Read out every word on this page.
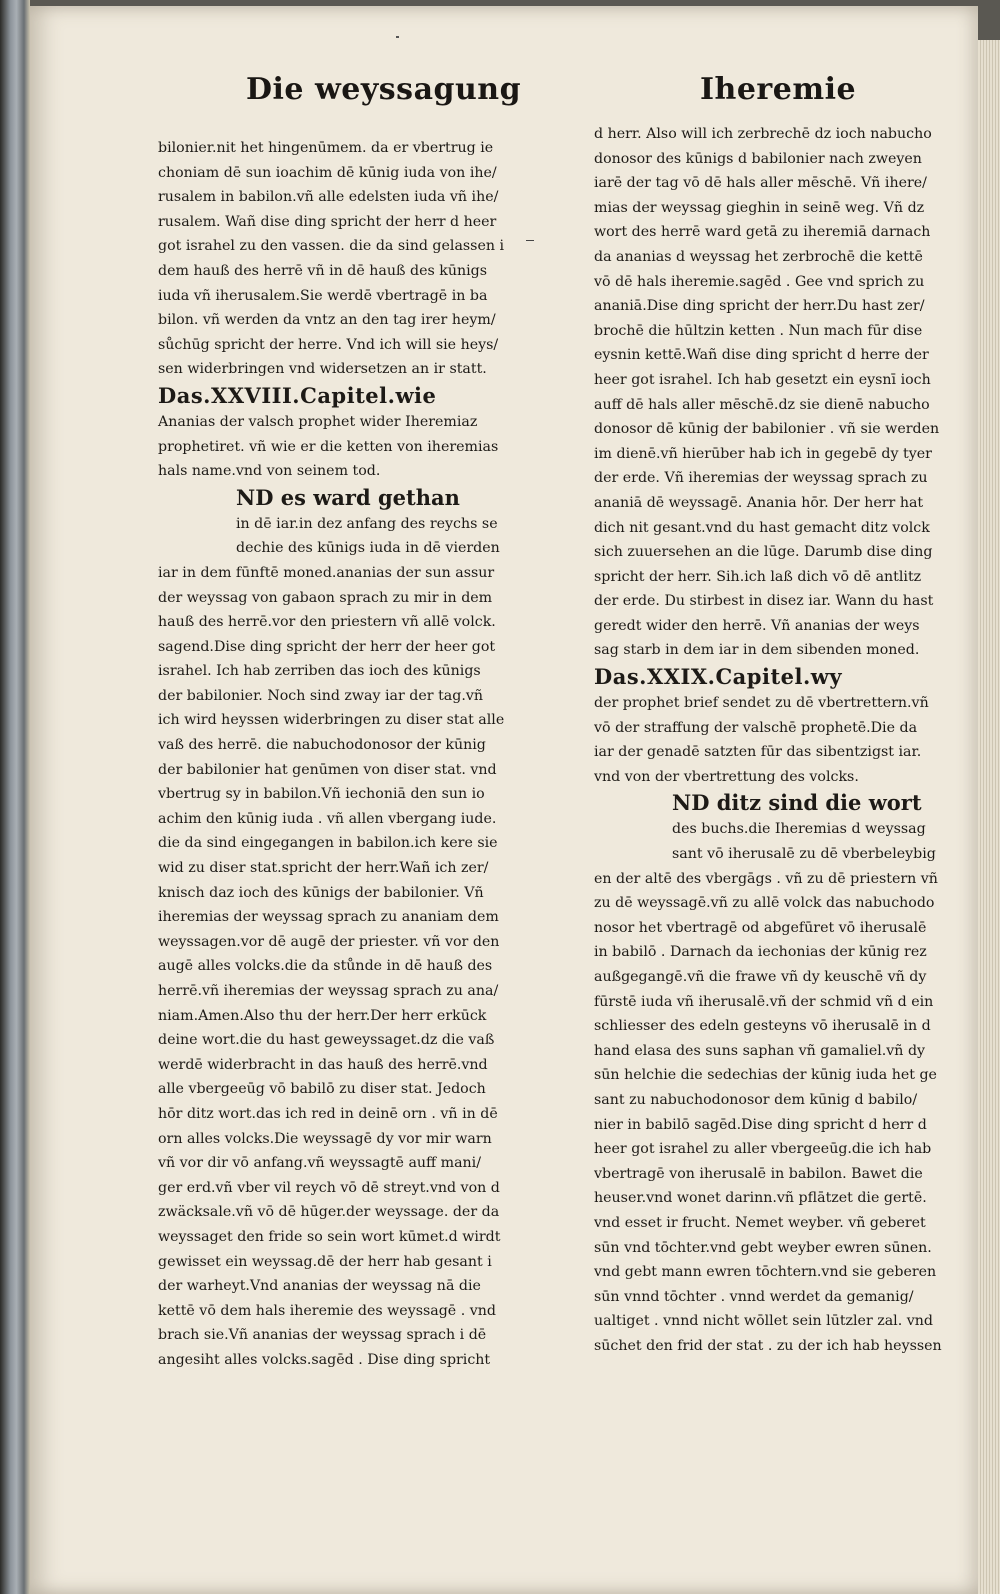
Die weyssagung	Iheremie
bilonier.nit het hingenūmem. da er vbertrug ie
choniam dē sun ioachim dē kūnig iuda von ihe/
rusalem in babilon.vñ alle edelsten iuda vñ ihe/
rusalem. Wañ dise ding spricht der herr d heer
got israhel zu den vassen. die da sind gelassen i
dem hauß des herrē vñ in dē hauß des kūnigs
iuda vñ iherusalem.Sie werdē vbertragē in ba
bilon. vñ werden da vntz an den tag irer heym/
sůchūg spricht der herre. Vnd ich will sie heys/
sen widerbringen vnd widersetzen an ir statt.
Das.XXVIII.Capitel.wie
Ananias der valsch prophet wider Iheremiaz
prophetiret. vñ wie er die ketten von iheremias
hals name.vnd von seinem tod.
ND es ward gethan
in dē iar.in dez anfang des reychs se
dechie des kūnigs iuda in dē vierden
iar in dem fūnftē moned.ananias der sun assur
der weyssag von gabaon sprach zu mir in dem
hauß des herrē.vor den priestern vñ allē volck.
sagend.Dise ding spricht der herr der heer got
israhel. Ich hab zerriben das ioch des kūnigs
der babilonier. Noch sind zway iar der tag.vñ
ich wird heyssen widerbringen zu diser stat alle
vaß des herrē. die nabuchodonosor der kūnig
der babilonier hat genūmen von diser stat. vnd
vbertrug sy in babilon.Vñ iechoniā den sun io
achim den kūnig iuda . vñ allen vbergang iude.
die da sind eingegangen in babilon.ich kere sie
wid zu diser stat.spricht der herr.Wañ ich zer/
knisch daz ioch des kūnigs der babilonier. Vñ
iheremias der weyssag sprach zu ananiam dem
weyssagen.vor dē augē der priester. vñ vor den
augē alles volcks.die da stůnde in dē hauß des
herrē.vñ iheremias der weyssag sprach zu ana/
niam.Amen.Also thu der herr.Der herr erkūck
deine wort.die du hast geweyssaget.dz die vaß
werdē widerbracht in das hauß des herrē.vnd
alle vbergeeūg vō babilō zu diser stat. Jedoch
hōr ditz wort.das ich red in deinē orn . vñ in dē
orn alles volcks.Die weyssagē dy vor mir warn
vñ vor dir vō anfang.vñ weyssagtē auff mani/
ger erd.vñ vber vil reych vō dē streyt.vnd von d
zwäcksale.vñ vō dē hūger.der weyssage. der da
weyssaget den fride so sein wort kūmet.d wirdt
gewisset ein weyssag.dē der herr hab gesant i
der warheyt.Vnd ananias der weyssag nā die
kettē vō dem hals iheremie des weyssagē . vnd
brach sie.Vñ ananias der weyssag sprach i dē
angesiht alles volcks.sagēd . Dise ding spricht
d herr. Also will ich zerbrechē dz ioch nabucho
donosor des kūnigs d babilonier nach zweyen
iarē der tag vō dē hals aller mēschē. Vñ ihere/
mias der weyssag gieghin in seinē weg. Vñ dz
wort des herrē ward getā zu iheremiā darnach
da ananias d weyssag het zerbrochē die kettē
vō dē hals iheremie.sagēd . Gee vnd sprich zu
ananiā.Dise ding spricht der herr.Du hast zer/
brochē die hūltzin ketten . Nun mach fūr dise
eysnin kettē.Wañ dise ding spricht d herre der
heer got israhel. Ich hab gesetzt ein eysnī ioch
auff dē hals aller mēschē.dz sie dienē nabucho
donosor dē kūnig der babilonier . vñ sie werden
im dienē.vñ hierūber hab ich in gegebē dy tyer
der erde. Vñ iheremias der weyssag sprach zu
ananiā dē weyssagē. Anania hōr. Der herr hat
dich nit gesant.vnd du hast gemacht ditz volck
sich zuuersehen an die lūge. Darumb dise ding
spricht der herr. Sih.ich laß dich vō dē antlitz
der erde. Du stirbest in disez iar. Wann du hast
geredt wider den herrē. Vñ ananias der weys
sag starb in dem iar in dem sibenden moned.
Das.XXIX.Capitel.wy
der prophet brief sendet zu dē vbertrettern.vñ
vō der straffung der valschē prophetē.Die da
iar der genadē satzten fūr das sibentzigst iar.
vnd von der vbertrettung des volcks.
ND ditz sind die wort
des buchs.die Iheremias d weyssag
sant vō iherusalē zu dē vberbeleybig
en der altē des vbergāgs . vñ zu dē priestern vñ
zu dē weyssagē.vñ zu allē volck das nabuchodo
nosor het vbertragē od abgefūret vō iherusalē
in babilō . Darnach da iechonias der kūnig rez
außgegangē.vñ die frawe vñ dy keuschē vñ dy
fūrstē iuda vñ iherusalē.vñ der schmid vñ d ein
schliesser des edeln gesteyns vō iherusalē in d
hand elasa des suns saphan vñ gamaliel.vñ dy
sūn helchie die sedechias der kūnig iuda het ge
sant zu nabuchodonosor dem kūnig d babilo/
nier in babilō sagēd.Dise ding spricht d herr d
heer got israhel zu aller vbergeeūg.die ich hab
vbertragē von iherusalē in babilon. Bawet die
heuser.vnd wonet darinn.vñ pflātzet die gertē.
vnd esset ir frucht. Nemet weyber. vñ geberet
sūn vnd tōchter.vnd gebt weyber ewren sūnen.
vnd gebt mann ewren tōchtern.vnd sie geberen
sūn vnnd tōchter . vnnd werdet da gemanig/
ualtiget . vnnd nicht wōllet sein lūtzler zal. vnd
sūchet den frid der stat . zu der ich hab heyssen
